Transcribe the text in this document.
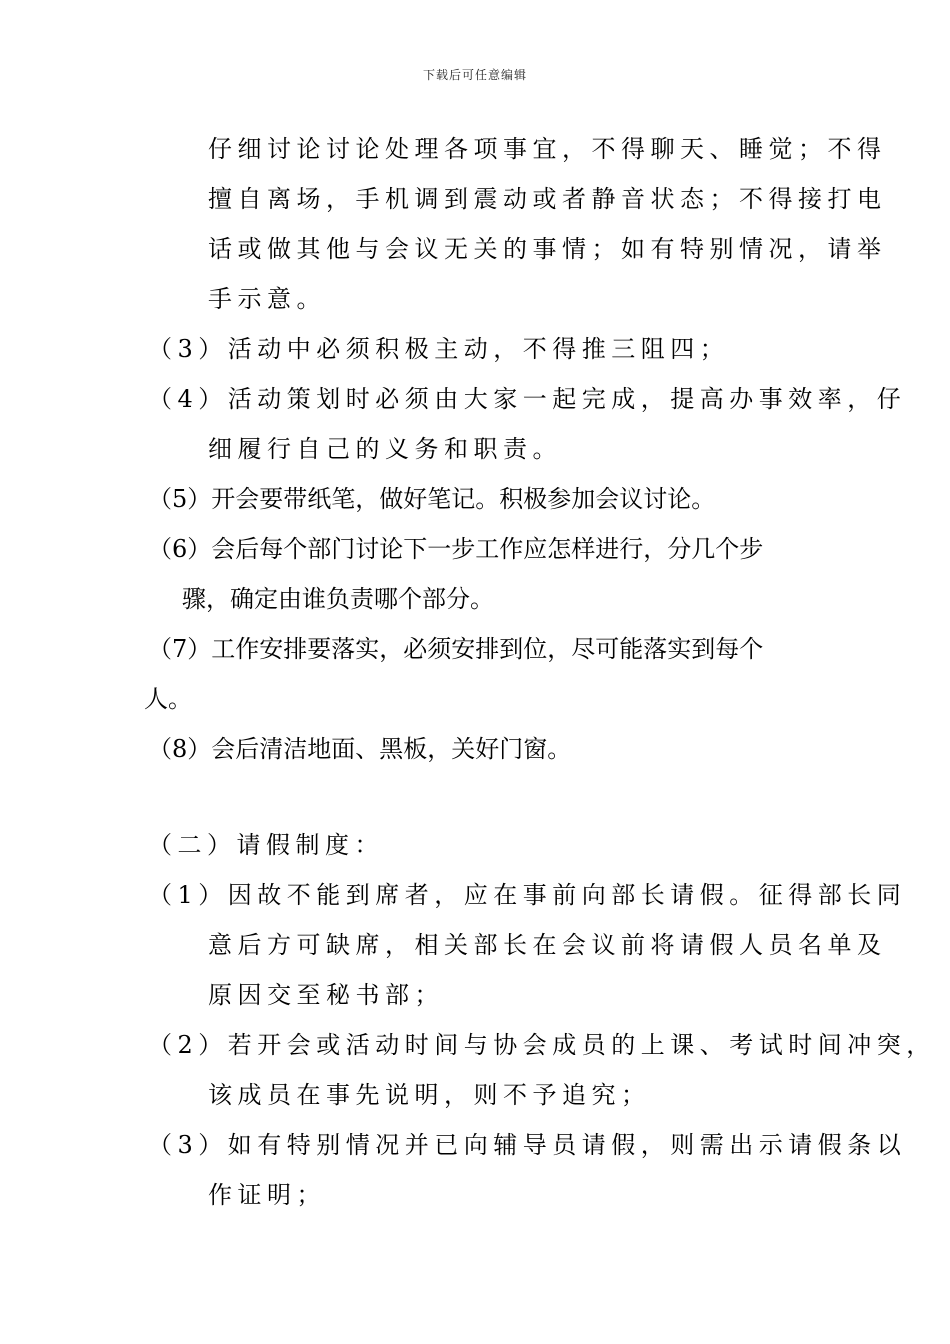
下载后可任意编辑
仔细讨论讨论处理各项事宜，不得聊天、睡觉；不得
擅自离场，手机调到震动或者静音状态；不得接打电
话或做其他与会议无关的事情；如有特别情况，请举
手示意。
（3）活动中必须积极主动，不得推三阻四；
（4）活动策划时必须由大家一起完成，提高办事效率，仔
细履行自己的义务和职责。
（5）开会要带纸笔，做好笔记。积极参加会议讨论。
（6）会后每个部门讨论下一步工作应怎样进行，分几个步
骤，确定由谁负责哪个部分。
（7）工作安排要落实，必须安排到位，尽可能落实到每个
人。
（8）会后清洁地面、黑板，关好门窗。
（二）请假制度：
（1）因故不能到席者，应在事前向部长请假。征得部长同
意后方可缺席，相关部长在会议前将请假人员名单及
原因交至秘书部；
（2）若开会或活动时间与协会成员的上课、考试时间冲突，
该成员在事先说明，则不予追究；
（3）如有特别情况并已向辅导员请假，则需出示请假条以
作证明；
